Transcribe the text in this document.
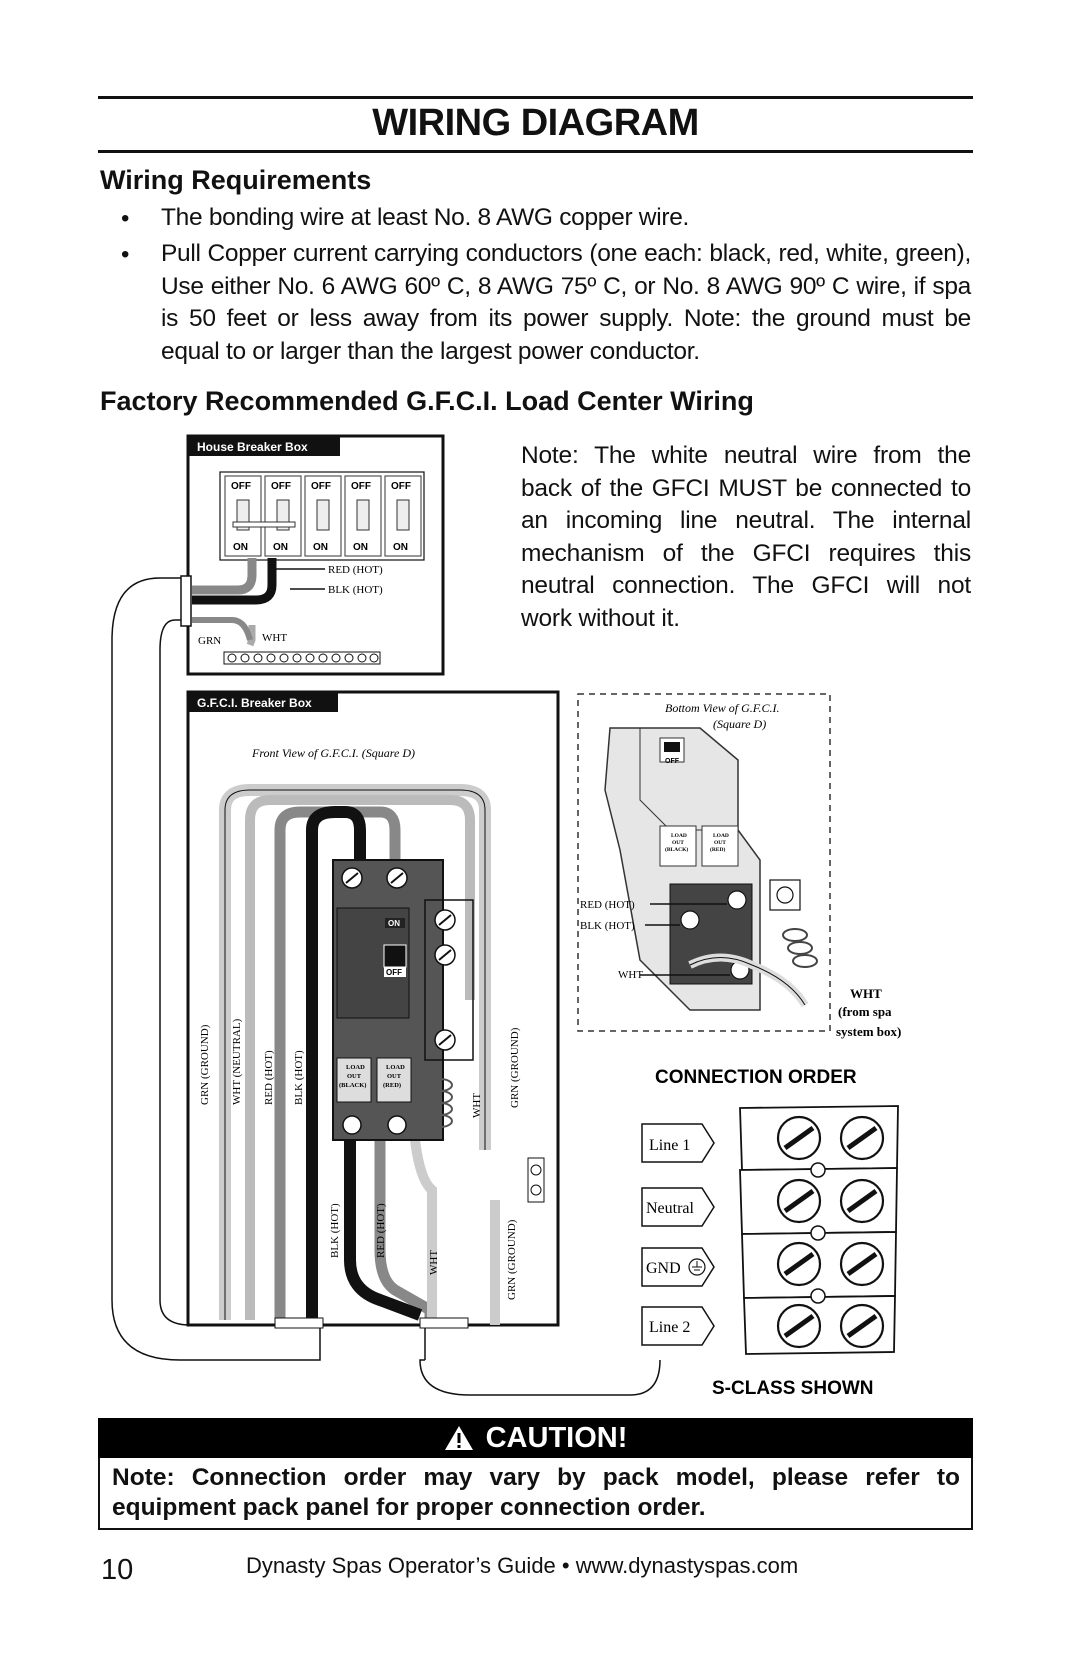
WIRING DIAGRAM
Wiring Requirements
• The bonding wire at least No. 8 AWG copper wire.
• Pull Copper current carrying conductors (one each: black, red, white, green), Use either No. 6 AWG 60º C, 8 AWG 75º C, or No. 8 AWG 90º C wire, if spa is 50 feet or less away from its power supply. Note: the ground must be equal to or larger than the largest power conductor.
Factory Recommended G.F.C.I. Load Center Wiring
Note: The white neutral wire from the back of the GFCI MUST be connected to an incoming line neutral. The internal mechanism of the GFCI requires this neutral connection. The GFCI will not work without it.
House Breaker Box
OFF OFF OFF OFF OFF
ON	ON	ON	ON	ON
RED (HOT)
BLK (HOT)
GRN	WHT
G.F.C.I. Breaker Box
Front View of G.F.C.I. (Square D)
ON
OFF
LOAD
OUT
(BLACK)
LOAD
OUT
(RED)
GRN (GROUND) WHT (NEUTRAL) RED (HOT) BLK (HOT)
WHT GRN (GROUND)
BLK (HOT)	RED (HOT)
WHT	GRN (GROUND)
Bottom View of G.F.C.I.
(Square D)
OFF
LOAD
OUT
(BLACK)
LOAD
OUT
(RED)
RED (HOT)
BLK (HOT)
WHT
WHT
(from spa
system box)
CONNECTION ORDER
Line 1
Neutral
GND
Line 2
S-CLASS SHOWN
CAUTION!
Note: Connection order may vary by pack model, please refer to equipment pack panel for proper connection order.
10	Dynasty Spas Operator’s Guide • www.dynastyspas.com
